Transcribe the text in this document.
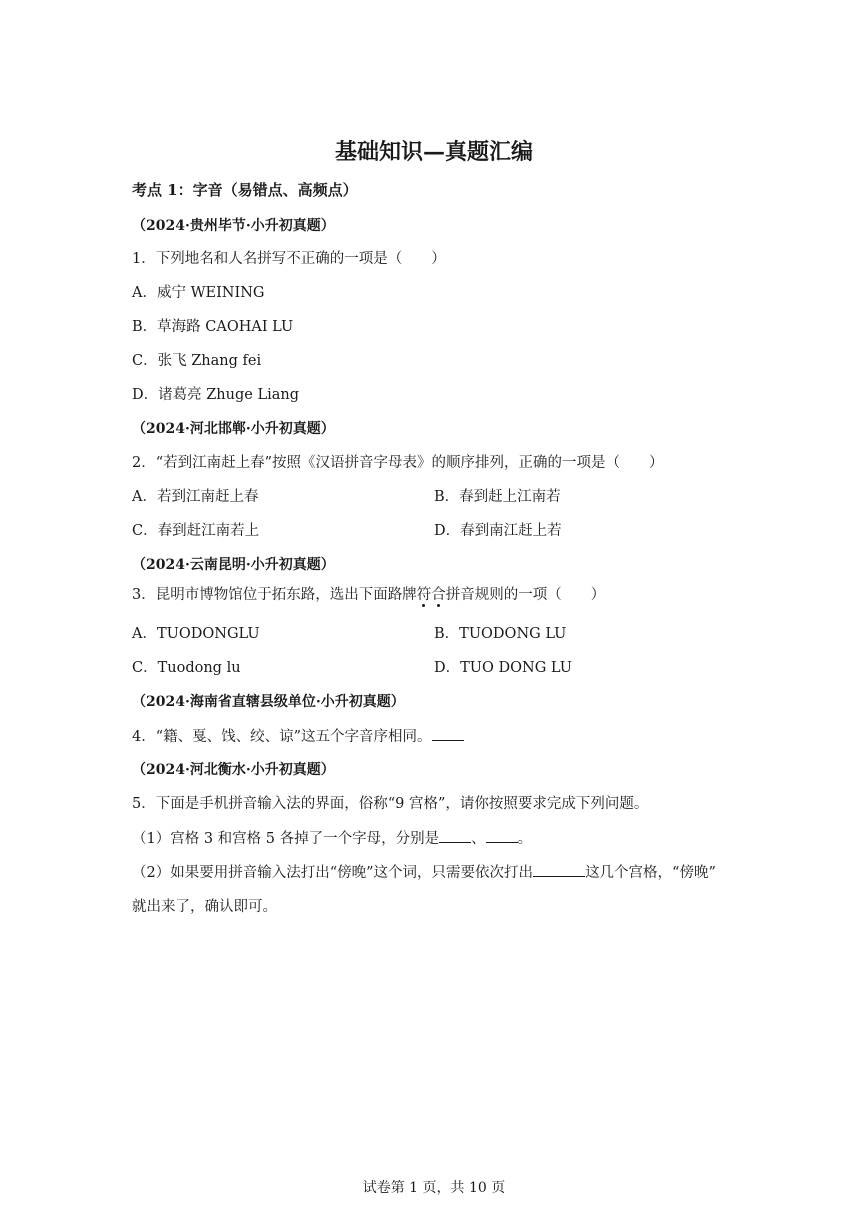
基础知识—真题汇编
考点 1：字音（易错点、高频点）
（2024·贵州毕节·小升初真题）
1．下列地名和人名拼写不正确的一项是（　　）
A．威宁 WEINING
B．草海路 CAOHAI LU
C．张飞 Zhang fei
D．诸葛亮 Zhuge Liang
（2024·河北邯郸·小升初真题）
2．“若到江南赶上春”按照《汉语拼音字母表》的顺序排列，正确的一项是（　　）
A．若到江南赶上春	B．春到赶上江南若
C．春到赶江南若上	D．春到南江赶上若
（2024·云南昆明·小升初真题）
3．昆明市博物馆位于拓东路，选出下面路牌符合拼音规则的一项（　　）
A．TUODONGLU	B．TUODONG LU
C．Tuodong lu	D．TUO DONG LU
（2024·海南省直辖县级单位·小升初真题）
4．“籍、戛、饯、绞、谅”这五个字音序相同。
（2024·河北衡水·小升初真题）
5．下面是手机拼音输入法的界面，俗称“9 宫格”，请你按照要求完成下列问题。
（1）宫格 3 和宫格 5 各掉了一个字母，分别是 、 。
（2）如果要用拼音输入法打出“傍晚”这个词，只需要依次打出	这几个宫格，“傍晚”
就出来了，确认即可。
试卷第 1 页，共 10 页
